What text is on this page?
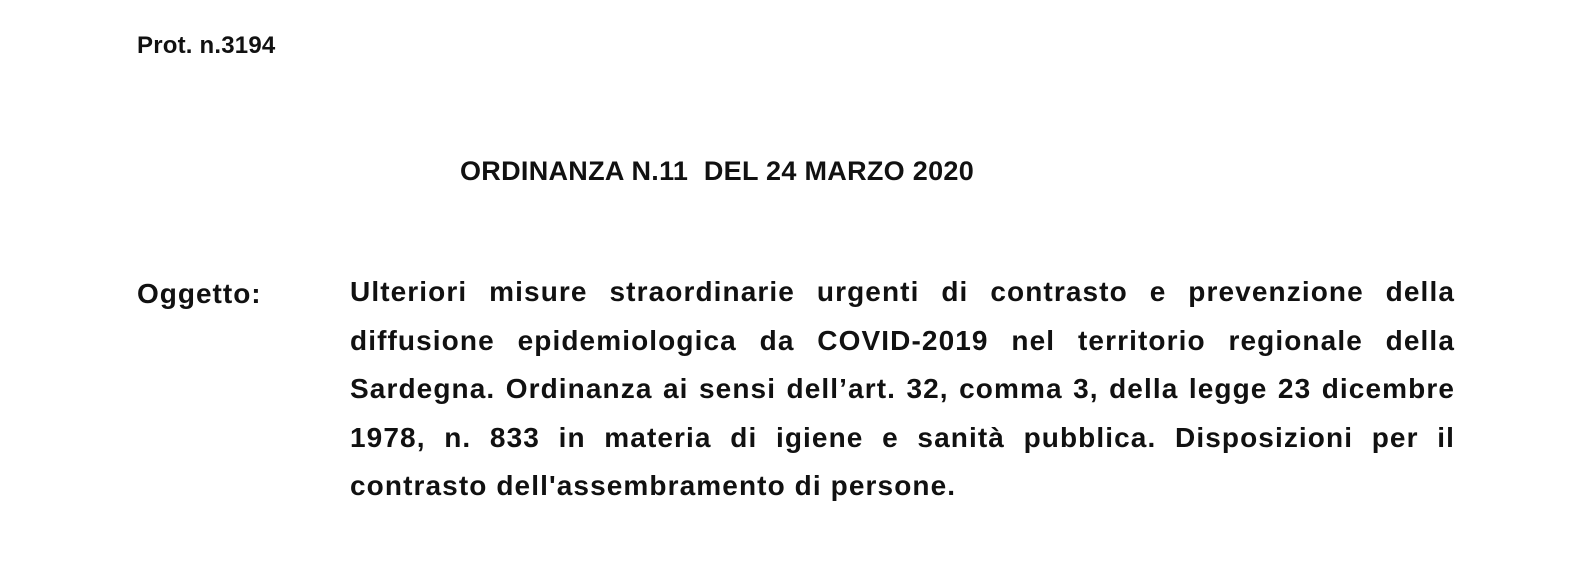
Prot. n.3194
ORDINANZA N.11  DEL 24 MARZO 2020
Oggetto:	Ulteriori misure straordinarie urgenti di contrasto e prevenzione della diffusione epidemiologica da COVID-2019 nel territorio regionale della Sardegna. Ordinanza ai sensi dell’art. 32, comma 3, della legge 23 dicembre 1978, n. 833 in materia di igiene e sanità pubblica. Disposizioni per il contrasto dell'assembramento di persone.
